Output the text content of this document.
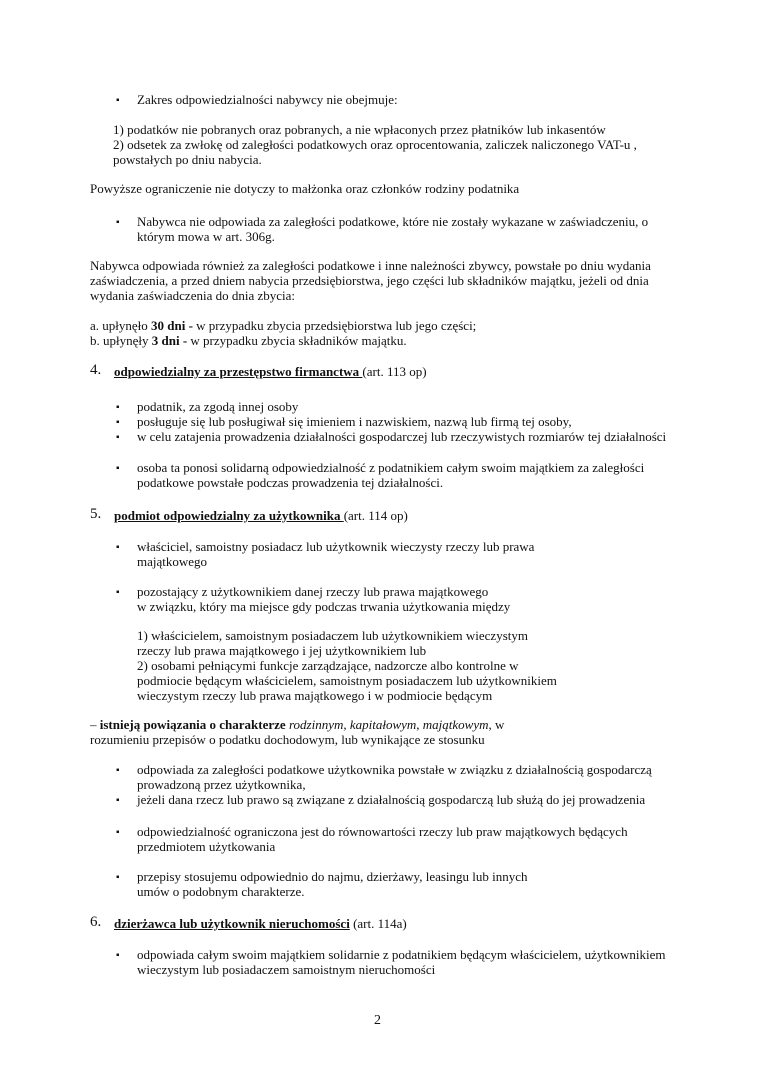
▪ Zakres odpowiedzialności nabywcy nie obejmuje:
1) podatków nie pobranych oraz pobranych, a nie wpłaconych przez płatników lub inkasentów
2) odsetek za zwłokę od zaległości podatkowych oraz oprocentowania, zaliczek naliczonego VAT-u ,
powstałych po dniu nabycia.
Powyższe ograniczenie nie dotyczy to małżonka oraz członków rodziny podatnika
▪ Nabywca nie odpowiada za zaległości podatkowe, które nie zostały wykazane w zaświadczeniu, o
którym mowa w art. 306g.
Nabywca odpowiada również za zaległości podatkowe i inne należności zbywcy, powstałe po dniu wydania
zaświadczenia, a przed dniem nabycia przedsiębiorstwa, jego części lub składników majątku, jeżeli od dnia
wydania zaświadczenia do dnia zbycia:
a. upłynęło 30 dni - w przypadku zbycia przedsiębiorstwa lub jego części;
b. upłynęły 3 dni - w przypadku zbycia składników majątku.
4. odpowiedzialny za przestępstwo firmanctwa (art. 113 op)
▪ podatnik, za zgodą innej osoby
▪ posługuje się lub posługiwał się imieniem i nazwiskiem, nazwą lub firmą tej osoby,
▪ w celu zatajenia prowadzenia działalności gospodarczej lub rzeczywistych rozmiarów tej działalności
▪ osoba ta ponosi solidarną odpowiedzialność z podatnikiem całym swoim majątkiem za zaległości
podatkowe powstałe podczas prowadzenia tej działalności.
5. podmiot odpowiedzialny za użytkownika (art. 114 op)
▪ właściciel, samoistny posiadacz lub użytkownik wieczysty rzeczy lub prawa
majątkowego
▪ pozostający z użytkownikiem danej rzeczy lub prawa majątkowego
w związku, który ma miejsce gdy podczas trwania użytkowania między
1) właścicielem, samoistnym posiadaczem lub użytkownikiem wieczystym
rzeczy lub prawa majątkowego i jej użytkownikiem lub
2) osobami pełniącymi funkcje zarządzające, nadzorcze albo kontrolne w
podmiocie będącym właścicielem, samoistnym posiadaczem lub użytkownikiem
wieczystym rzeczy lub prawa majątkowego i w podmiocie będącym
– istnieją powiązania o charakterze rodzinnym, kapitałowym, majątkowym, w
rozumieniu przepisów o podatku dochodowym, lub wynikające ze stosunku
▪ odpowiada za zaległości podatkowe użytkownika powstałe w związku z działalnością gospodarczą
prowadzoną przez użytkownika,
▪ jeżeli dana rzecz lub prawo są związane z działalnością gospodarczą lub służą do jej prowadzenia
▪ odpowiedzialność ograniczona jest do równowartości rzeczy lub praw majątkowych będących
przedmiotem użytkowania
▪ przepisy stosujemu odpowiednio do najmu, dzierżawy, leasingu lub innych
umów o podobnym charakterze.
6. dzierżawca lub użytkownik nieruchomości (art. 114a)
▪ odpowiada całym swoim majątkiem solidarnie z podatnikiem będącym właścicielem, użytkownikiem
wieczystym lub posiadaczem samoistnym nieruchomości
2
